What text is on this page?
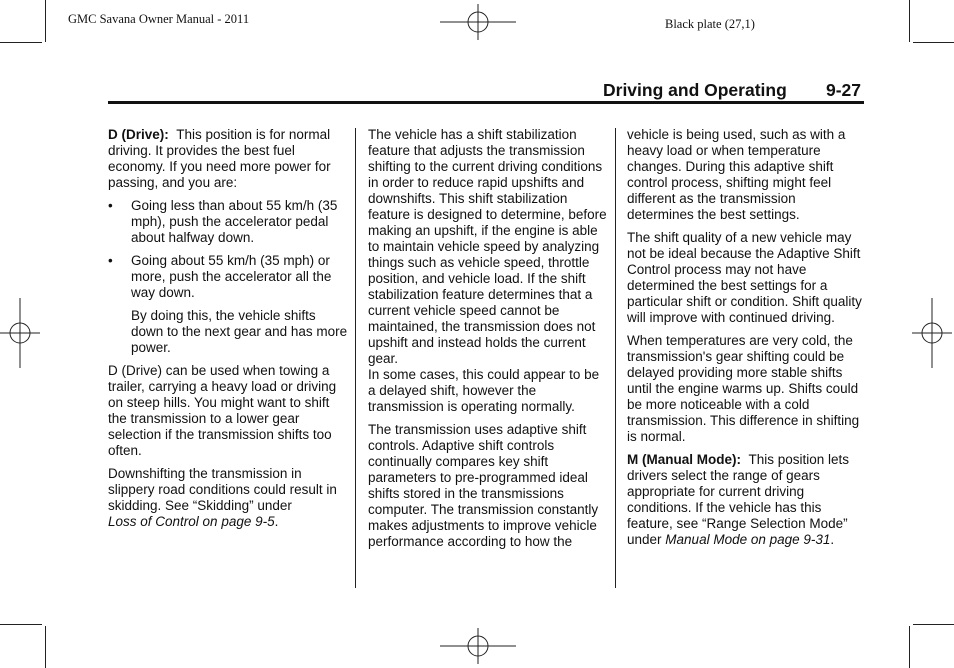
GMC Savana Owner Manual - 2011	Black plate (27,1)
Driving and Operating 9-27

D (Drive): This position is for normal driving. It provides the best fuel economy. If you need more power for passing, and you are:

• Going less than about 55 km/h (35 mph), push the accelerator pedal about halfway down.
• Going about 55 km/h (35 mph) or more, push the accelerator all the way down.

By doing this, the vehicle shifts down to the next gear and has more power.

D (Drive) can be used when towing a trailer, carrying a heavy load or driving on steep hills. You might want to shift the transmission to a lower gear selection if the transmission shifts too often.

Downshifting the transmission in slippery road conditions could result in skidding. See “Skidding” under
Loss of Control on page 9-5.

The vehicle has a shift stabilization feature that adjusts the transmission shifting to the current driving conditions in order to reduce rapid upshifts and downshifts. This shift stabilization feature is designed to determine, before making an upshift, if the engine is able to maintain vehicle speed by analyzing things such as vehicle speed, throttle position, and vehicle load. If the shift stabilization feature determines that a current vehicle speed cannot be maintained, the transmission does not upshift and instead holds the current gear.

In some cases, this could appear to be a delayed shift, however the transmission is operating normally.

The transmission uses adaptive shift controls. Adaptive shift controls continually compares key shift parameters to pre-programmed ideal shifts stored in the transmissions computer. The transmission constantly makes adjustments to improve vehicle performance according to how the

vehicle is being used, such as with a heavy load or when temperature changes. During this adaptive shift control process, shifting might feel different as the transmission determines the best settings.

The shift quality of a new vehicle may not be ideal because the Adaptive Shift Control process may not have determined the best settings for a particular shift or condition. Shift quality will improve with continued driving.

When temperatures are very cold, the transmission's gear shifting could be delayed providing more stable shifts until the engine warms up. Shifts could be more noticeable with a cold transmission. This difference in shifting is normal.

M (Manual Mode): This position lets drivers select the range of gears appropriate for current driving conditions. If the vehicle has this feature, see “Range Selection Mode” under Manual Mode on page 9-31.
